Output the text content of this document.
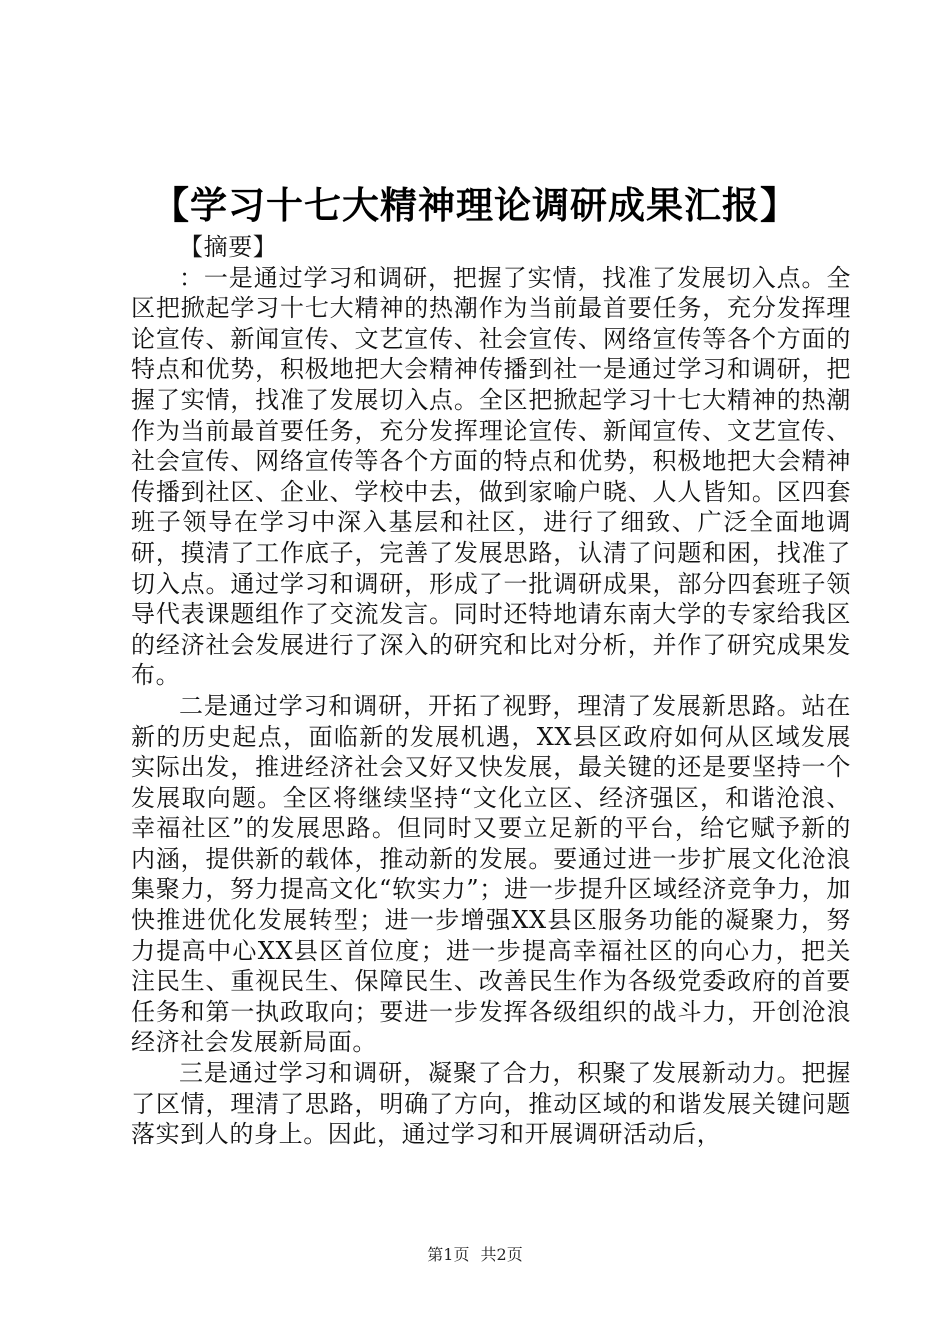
【学习十七大精神理论调研成果汇报】

【摘要】

：一是通过学习和调研，把握了实情，找准了发展切入点。全区把掀起学习十七大精神的热潮作为当前最首要任务，充分发挥理论宣传、新闻宣传、文艺宣传、社会宣传、网络宣传等各个方面的特点和优势，积极地把大会精神传播到社一是通过学习和调研，把握了实情，找准了发展切入点。全区把掀起学习十七大精神的热潮作为当前最首要任务，充分发挥理论宣传、新闻宣传、文艺宣传、社会宣传、网络宣传等各个方面的特点和优势，积极地把大会精神传播到社区、企业、学校中去，做到家喻户晓、人人皆知。区四套班子领导在学习中深入基层和社区，进行了细致、广泛全面地调研，摸清了工作底子，完善了发展思路，认清了问题和困，找准了切入点。通过学习和调研，形成了一批调研成果，部分四套班子领导代表课题组作了交流发言。同时还特地请东南大学的专家给我区的经济社会发展进行了深入的研究和比对分析，并作了研究成果发布。

二是通过学习和调研，开拓了视野，理清了发展新思路。站在新的历史起点，面临新的发展机遇，XX县区政府如何从区域发展实际出发，推进经济社会又好又快发展，最关键的还是要坚持一个发展取向题。全区将继续坚持“文化立区、经济强区，和谐沧浪、幸福社区”的发展思路。但同时又要立足新的平台，给它赋予新的内涵，提供新的载体，推动新的发展。要通过进一步扩展文化沧浪集聚力，努力提高文化“软实力”；进一步提升区域经济竞争力，加快推进优化发展转型；进一步增强XX县区服务功能的凝聚力，努力提高中心XX县区首位度；进一步提高幸福社区的向心力，把关注民生、重视民生、保障民生、改善民生作为各级党委政府的首要任务和第一执政取向；要进一步发挥各级组织的战斗力，开创沧浪经济社会发展新局面。

三是通过学习和调研，凝聚了合力，积聚了发展新动力。把握了区情，理清了思路，明确了方向，推动区域的和谐发展关键问题落实到人的身上。因此，通过学习和开展调研活动后，

第1页 共2页
